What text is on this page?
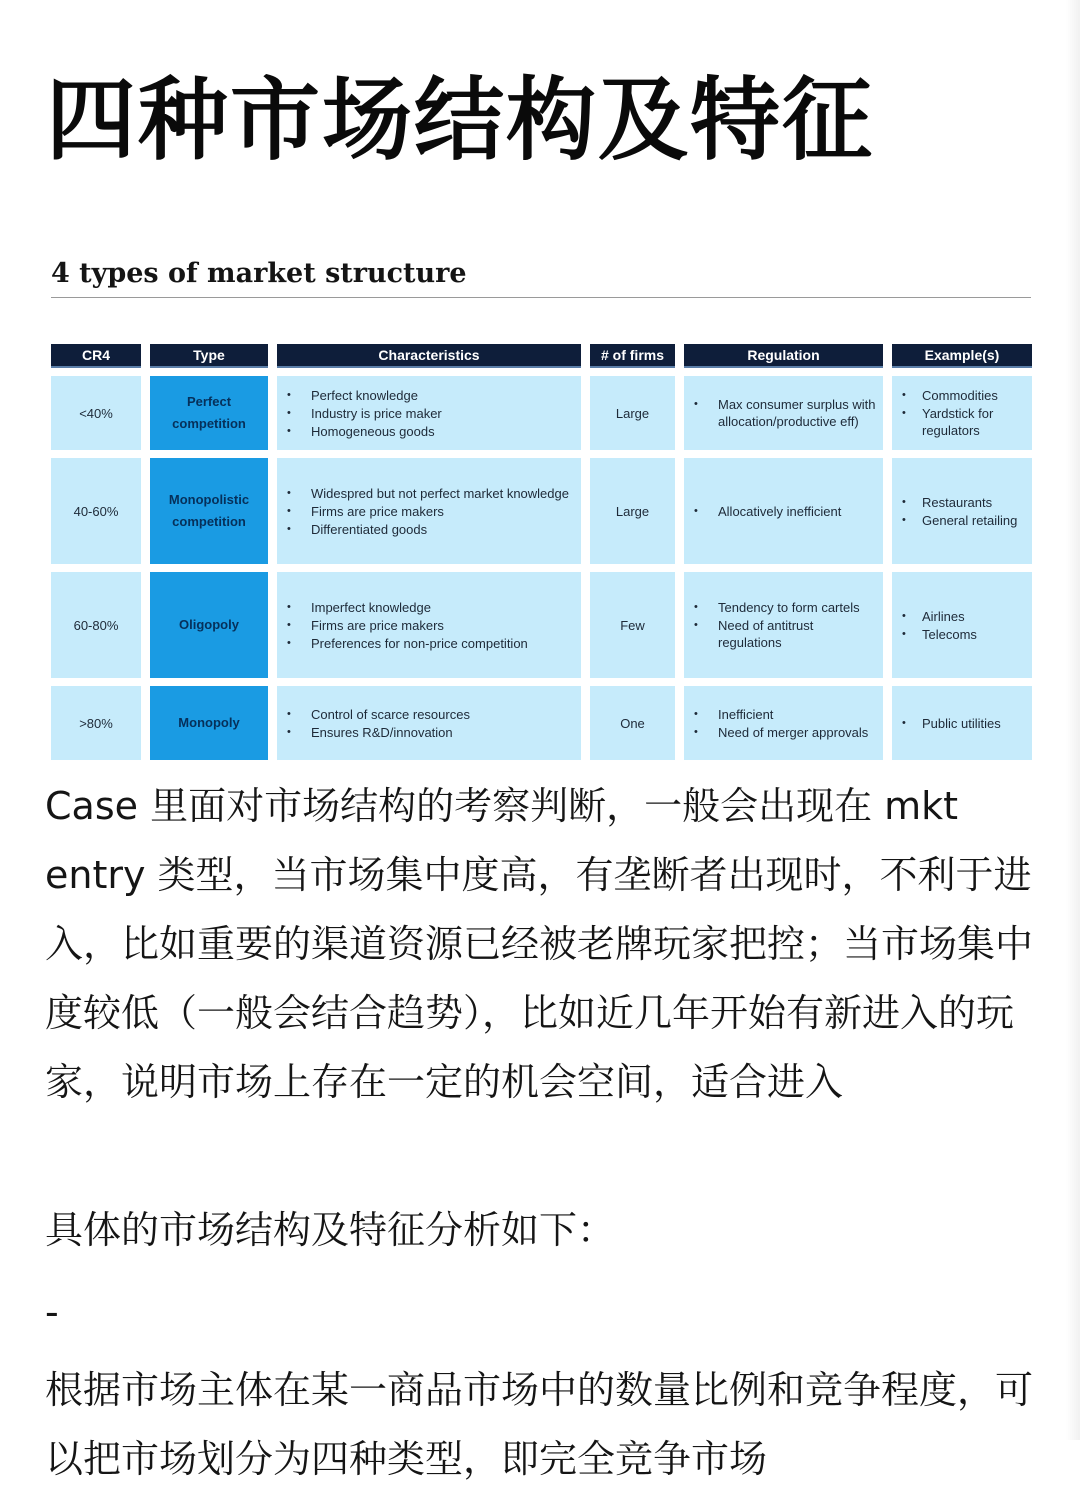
四种市场结构及特征
4 types of market structure
CR4	Type	Characteristics	# of firms	Regulation	Example(s)
<40%
Perfect competition
• Perfect knowledge
• Industry is price maker
• Homogeneous goods
Large
• Max consumer surplus with allocation/productive eff)
• Commodities
• Yardstick for regulators
40-60%
Monopolistic competition
• Widespred but not perfect market knowledge
• Firms are price makers
• Differentiated goods
Large
•	Allocatively inefficient
• Restaurants
• General retailing
60-80%	Oligopoly
• Imperfect knowledge
• Firms are price makers
• Preferences for non-price competition
Few
• Tendency to form cartels
• Need of antitrust regulations
• Airlines
• Telecoms
>80%	Monopoly
• Control of scarce resources
• Ensures R&D/innovation
One
• Inefficient
• Need of merger approvals
• Public utilities

Case 里面对市场结构的考察判断，一般会出现在 mkt entry 类型，当市场集中度高，有垄断者出现时，不利于进入，比如重要的渠道资源已经被老牌玩家把控；当市场集中度较低（一般会结合趋势），比如近几年开始有新进入的玩家，说明市场上存在一定的机会空间，适合进入

具体的市场结构及特征分析如下：

-

根据市场主体在某一商品市场中的数量比例和竞争程度，可以把市场划分为四种类型，即完全竞争市场
